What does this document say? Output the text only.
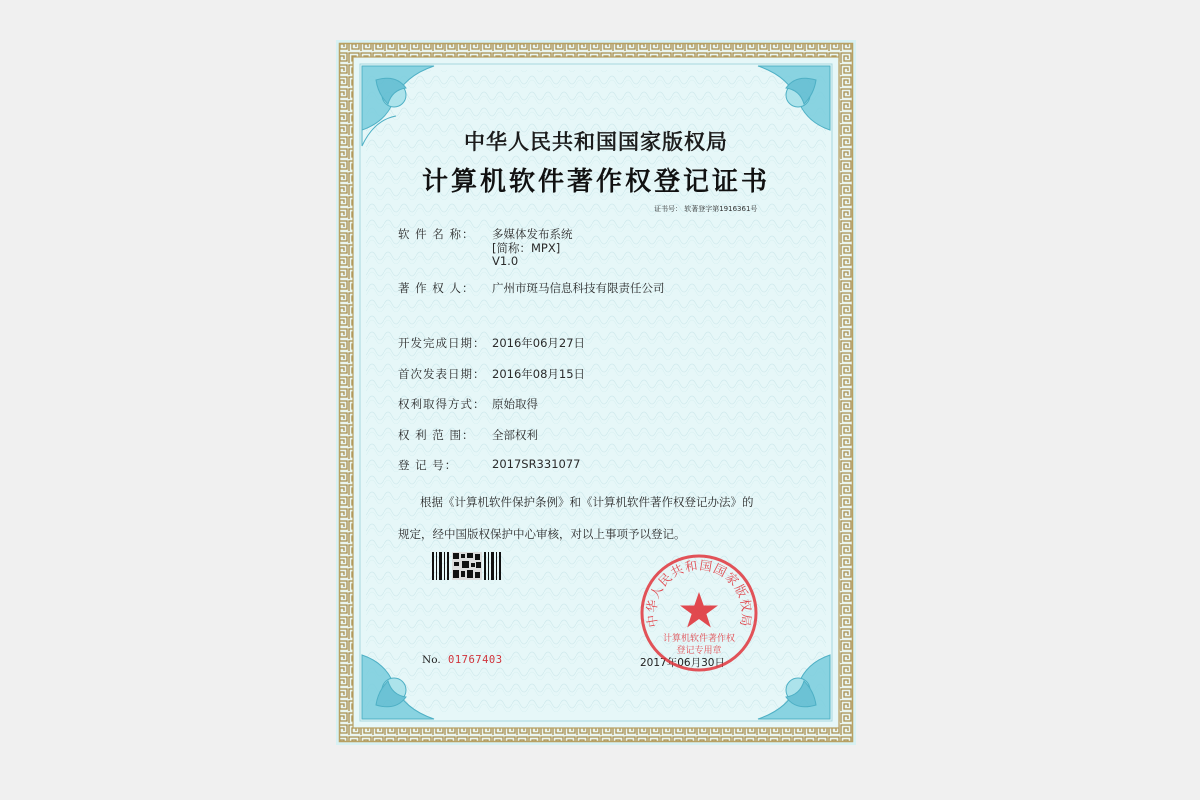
中华人民共和国国家版权局
计算机软件著作权登记证书
证书号： 软著登字第1916361号
软 件 名 称： 多媒体发布系统
[简称：MPX]
V1.0
著 作 权 人： 广州市斑马信息科技有限责任公司
开发完成日期： 2016年06月27日
首次发表日期： 2016年08月15日
权利取得方式： 原始取得
权 利 范 围： 全部权利
登 记 号：	2017SR331077
根据《计算机软件保护条例》和《计算机软件著作权登记办法》的
规定，经中国版权保护中心审核，对以上事项予以登记。
No. 01767403	2017年06月30日
中华人民共和国国家版权局
计算机软件著作权
登记专用章
